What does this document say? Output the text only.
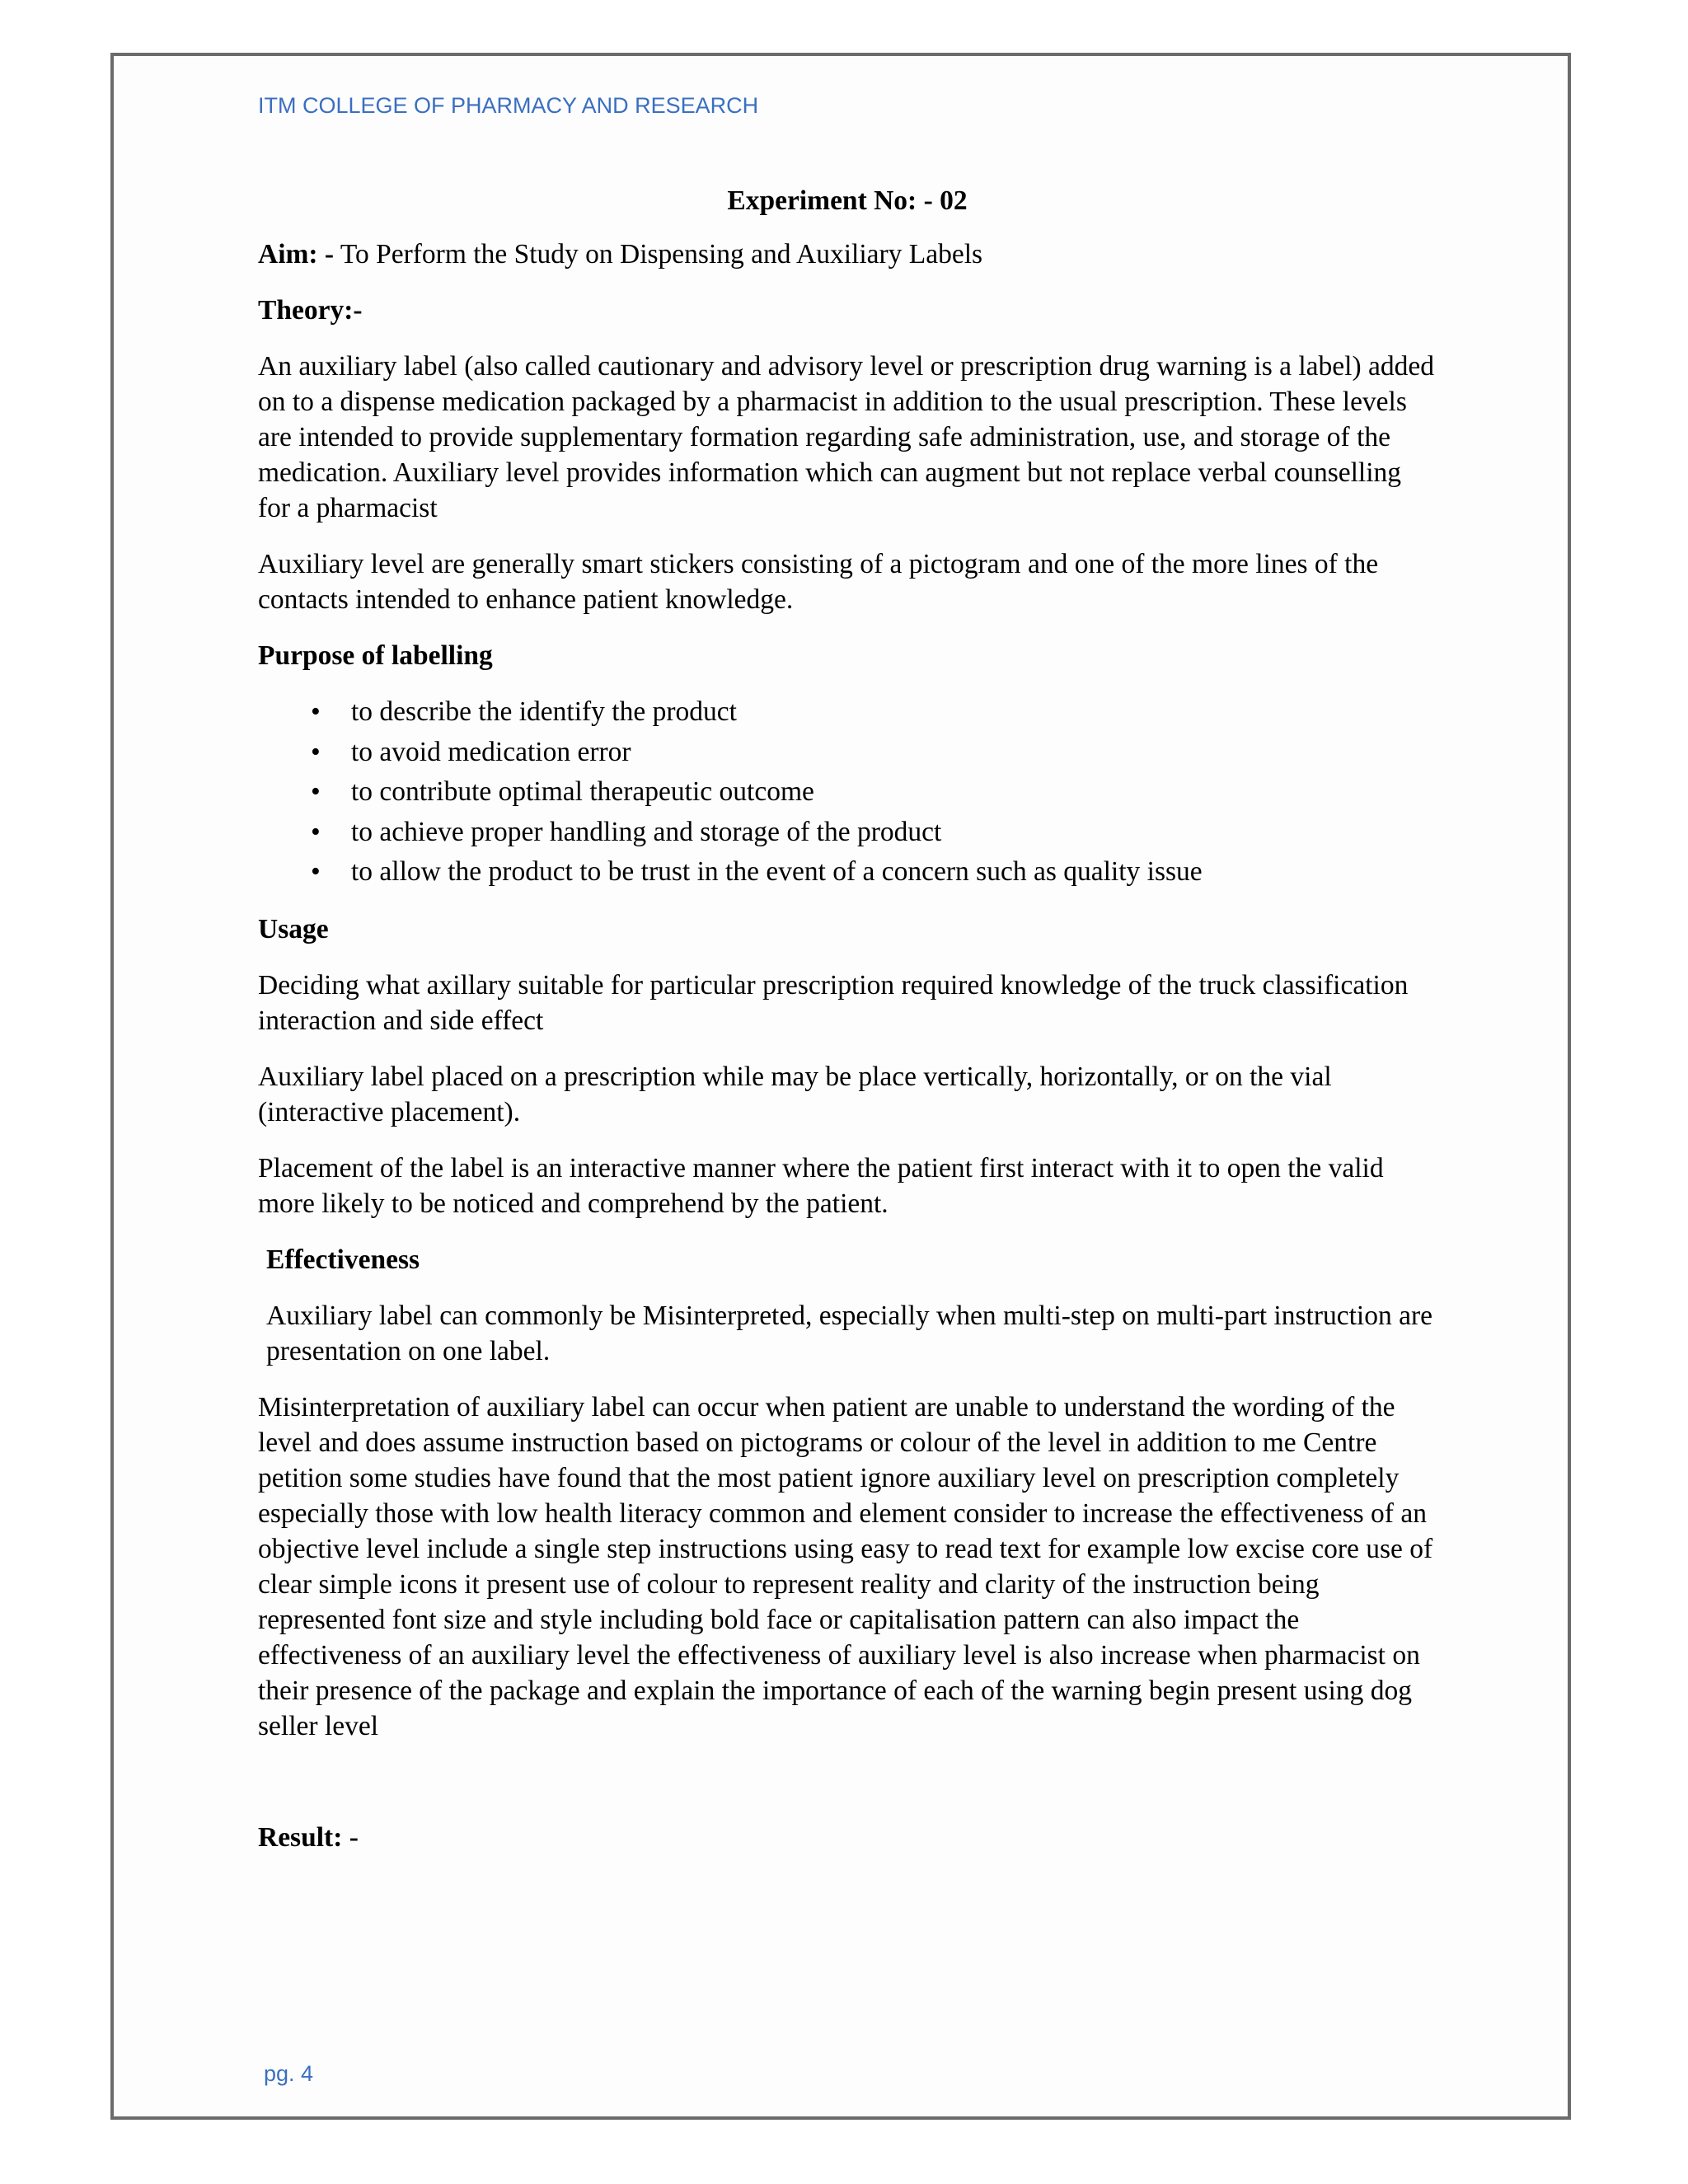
ITM COLLEGE OF PHARMACY AND RESEARCH

Experiment No: - 02

Aim: - To Perform the Study on Dispensing and Auxiliary Labels

Theory:-

An auxiliary label (also called cautionary and advisory level or prescription drug warning is a label) added on to a dispense medication packaged by a pharmacist in addition to the usual prescription. These levels are intended to provide supplementary formation regarding safe administration, use, and storage of the medication. Auxiliary level provides information which can augment but not replace verbal counselling for a pharmacist

Auxiliary level are generally smart stickers consisting of a pictogram and one of the more lines of the contacts intended to enhance patient knowledge.

Purpose of labelling

• to describe the identify the product
• to avoid medication error
• to contribute optimal therapeutic outcome
• to achieve proper handling and storage of the product
• to allow the product to be trust in the event of a concern such as quality issue

Usage

Deciding what axillary suitable for particular prescription required knowledge of the truck classification interaction and side effect

Auxiliary label placed on a prescription while may be place vertically, horizontally, or on the vial (interactive placement).

Placement of the label is an interactive manner where the patient first interact with it to open the valid more likely to be noticed and comprehend by the patient.

Effectiveness

Auxiliary label can commonly be Misinterpreted, especially when multi-step on multi-part instruction are presentation on one label.

Misinterpretation of auxiliary label can occur when patient are unable to understand the wording of the level and does assume instruction based on pictograms or colour of the level in addition to me Centre petition some studies have found that the most patient ignore auxiliary level on prescription completely especially those with low health literacy common and element consider to increase the effectiveness of an objective level include a single step instructions using easy to read text for example low excise core use of clear simple icons it present use of colour to represent reality and clarity of the instruction being represented font size and style including bold face or capitalisation pattern can also impact the effectiveness of an auxiliary level the effectiveness of auxiliary level is also increase when pharmacist on their presence of the package and explain the importance of each of the warning begin present using dog seller level

Result: -

pg. 4
